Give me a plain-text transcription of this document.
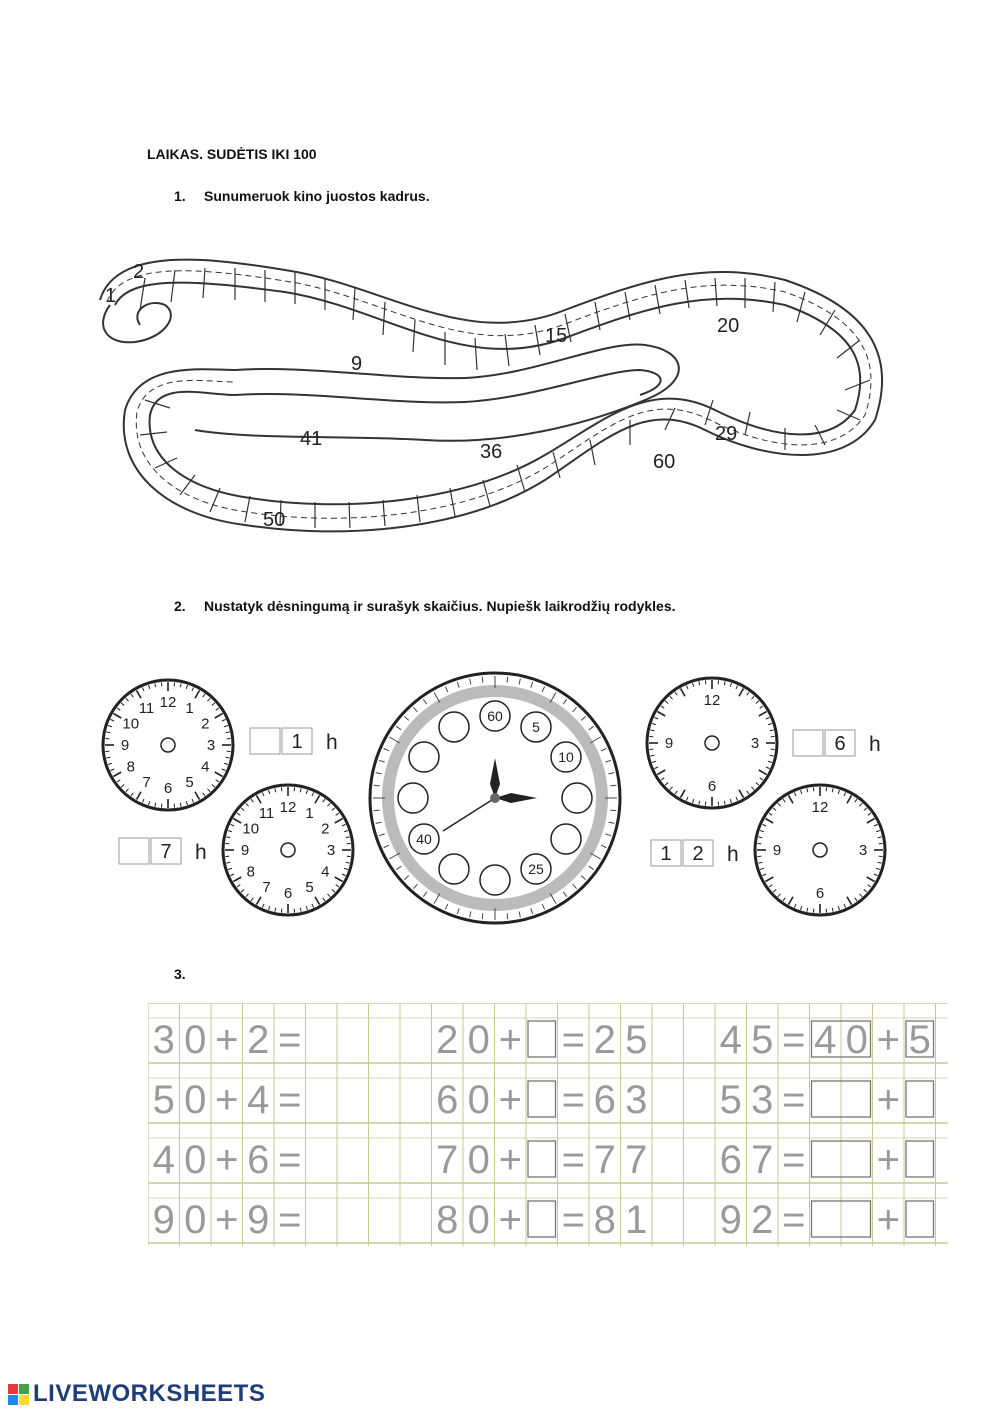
LAIKAS. SUDĖTIS IKI 100
1. Sunumeruok kino juostos kadrus.
1
2
9
15	20
29
36
41
50
60
2. Nustatyk dėsningumą ir surašyk skaičius. Nupiešk laikrodžių rodykles.
12 1
2
3
4
5
6
7
8
9
10
11
12 1
2
3
4
5
6
7
8
9
10
11
12
3
6
9
12
3
6
9
60
5
10
25
40
1 h
7 h
6 h
1 2 h
3.
3 0 + 2 =
5 0 + 4 =
4 0 + 6 =
9 0 + 9 =
2 0 + = 2 5
6 0 + = 6 3
7 0 + = 7 7
8 0 + = 8 1
4 5 = 4 0 + 5
5 3 = +
6 7 = +
9 2 = +
LIVEWORKSHEETS
